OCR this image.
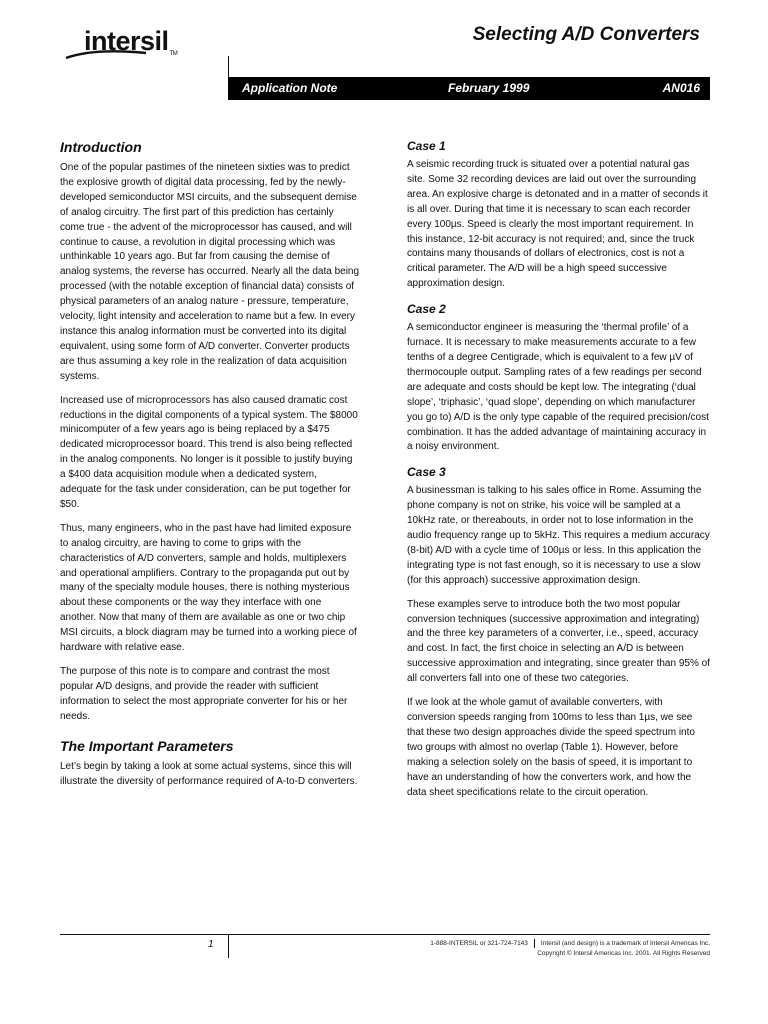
intersilTM
Selecting A/D Converters
Application Note	February 1999	AN016
Introduction

One of the popular pastimes of the nineteen sixties was to predict the explosive growth of digital data processing, fed by the newly-developed semiconductor MSI circuits, and the subsequent demise of analog circuitry. The first part of this prediction has certainly come true - the advent of the microprocessor has caused, and will continue to cause, a revolution in digital processing which was unthinkable 10 years ago. But far from causing the demise of analog systems, the reverse has occurred. Nearly all the data being processed (with the notable exception of financial data) consists of physical parameters of an analog nature - pressure, temperature, velocity, light intensity and acceleration to name but a few. In every instance this analog information must be converted into its digital equivalent, using some form of A/D converter. Converter products are thus assuming a key role in the realization of data acquisition systems.

Increased use of microprocessors has also caused dramatic cost reductions in the digital components of a typical system. The $8000 minicomputer of a few years ago is being replaced by a $475 dedicated microprocessor board. This trend is also being reflected in the analog components. No longer is it possible to justify buying a $400 data acquisition module when a dedicated system, adequate for the task under consideration, can be put together for $50.

Thus, many engineers, who in the past have had limited exposure to analog circuitry, are having to come to grips with the characteristics of A/D converters, sample and holds, multiplexers and operational amplifiers. Contrary to the propaganda put out by many of the specialty module houses, there is nothing mysterious about these components or the way they interface with one another. Now that many of them are available as one or two chip MSI circuits, a block diagram may be turned into a working piece of hardware with relative ease.

The purpose of this note is to compare and contrast the most popular A/D designs, and provide the reader with sufficient information to select the most appropriate converter for his or her needs.

The Important Parameters

Let’s begin by taking a look at some actual systems, since this will illustrate the diversity of performance required of A-to-D converters.

Case 1

A seismic recording truck is situated over a potential natural gas site. Some 32 recording devices are laid out over the surrounding area. An explosive charge is detonated and in a matter of seconds it is all over. During that time it is necessary to scan each recorder every 100µs. Speed is clearly the most important requirement. In this instance, 12-bit accuracy is not required; and, since the truck contains many thousands of dollars of electronics, cost is not a critical parameter. The A/D will be a high speed successive approximation design.

Case 2

A semiconductor engineer is measuring the ‘thermal profile’ of a furnace. It is necessary to make measurements accurate to a few tenths of a degree Centigrade, which is equivalent to a few µV of thermocouple output. Sampling rates of a few readings per second are adequate and costs should be kept low. The integrating (‘dual slope’, ‘triphasic’, ‘quad slope’, depending on which manufacturer you go to) A/D is the only type capable of the required precision/cost combination. It has the added advantage of maintaining accuracy in a noisy environment.

Case 3

A businessman is talking to his sales office in Rome. Assuming the phone company is not on strike, his voice will be sampled at a 10kHz rate, or thereabouts, in order not to lose information in the audio frequency range up to 5kHz. This requires a medium accuracy (8-bit) A/D with a cycle time of 100µs or less. In this application the integrating type is not fast enough, so it is necessary to use a slow (for this approach) successive approximation design.

These examples serve to introduce both the two most popular conversion techniques (successive approximation and integrating) and the three key parameters of a converter, i.e., speed, accuracy and cost. In fact, the first choice in selecting an A/D is between successive approximation and integrating, since greater than 95% of all converters fall into one of these two categories.

If we look at the whole gamut of available converters, with conversion speeds ranging from 100ms to less than 1µs, we see that these two design approaches divide the speed spectrum into two groups with almost no overlap (Table 1). However, before making a selection solely on the basis of speed, it is important to have an understanding of how the converters work, and how the data sheet specifications relate to the circuit operation.

1	1-888-INTERSIL or 321-724-7143 Intersil (and design) is a trademark of Intersil Americas Inc.
Copyright © Intersil Americas Inc. 2001. All Rights Reserved
